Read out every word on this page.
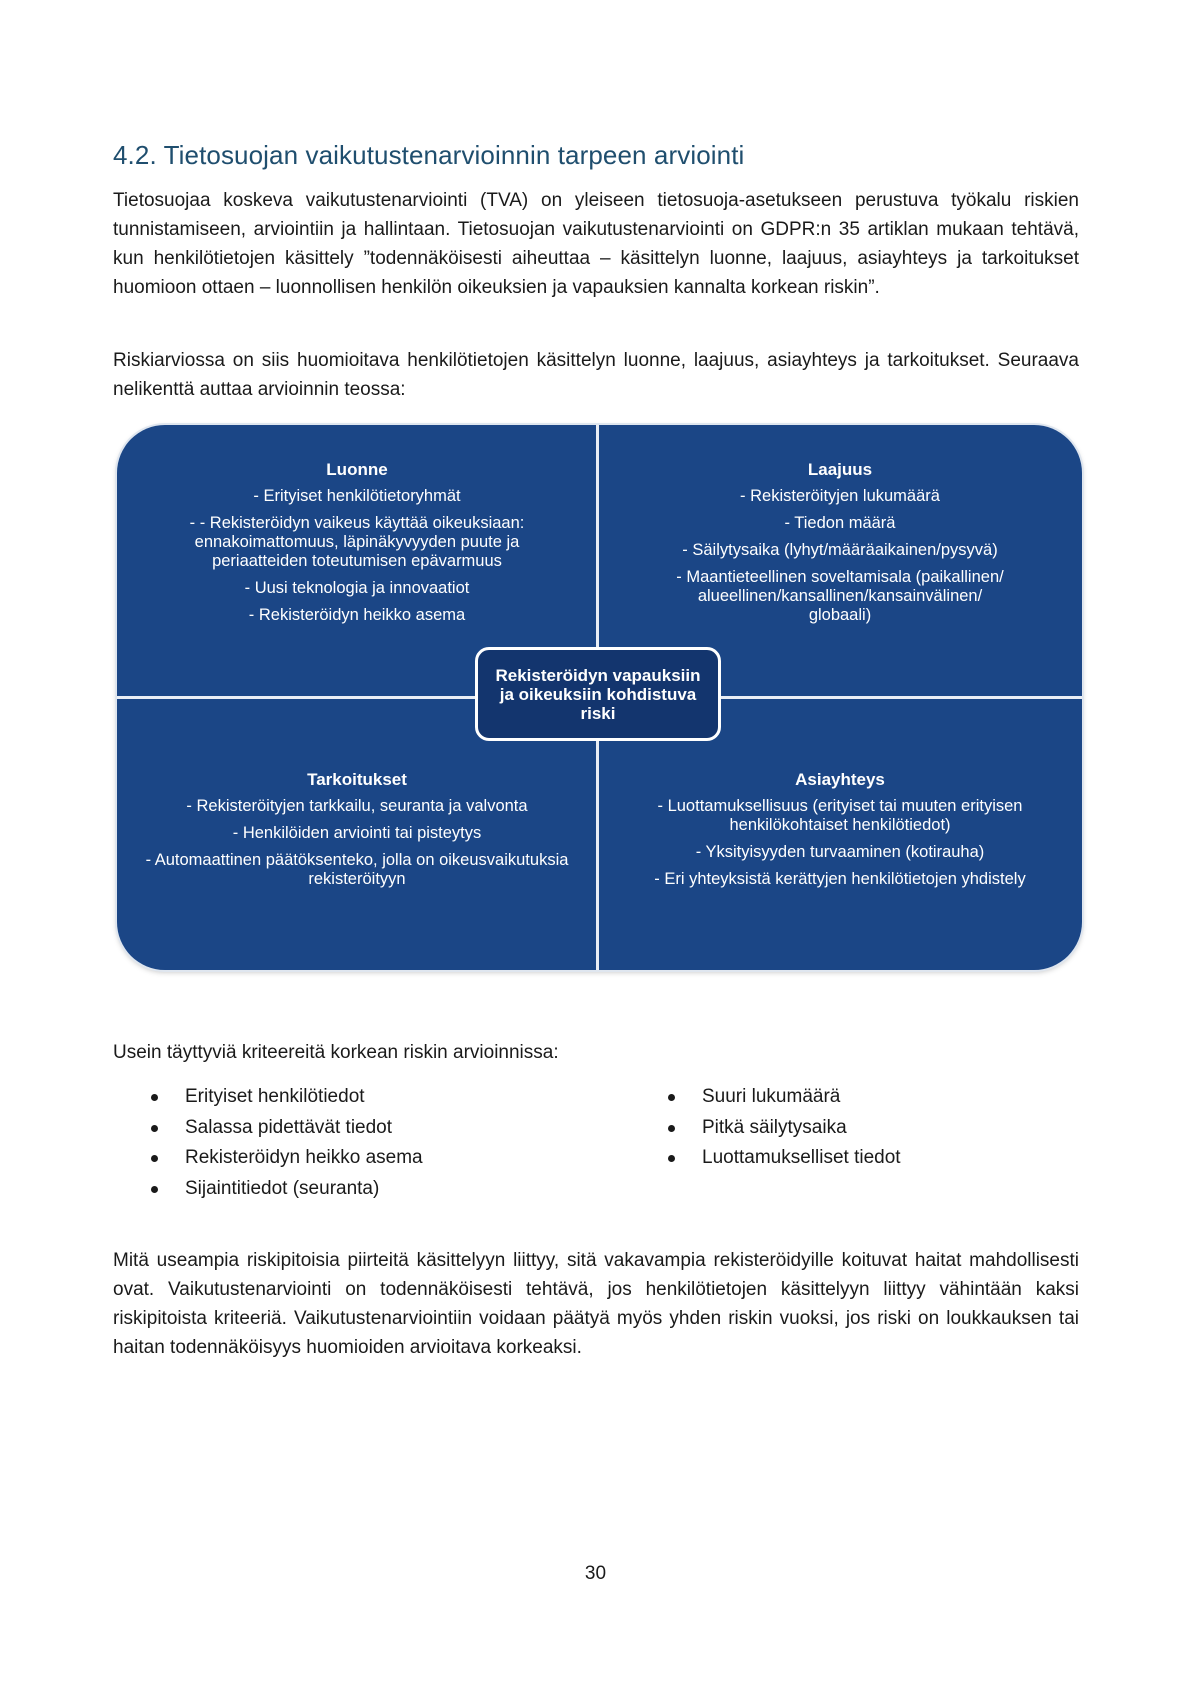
4.2. Tietosuojan vaikutustenarvioinnin tarpeen arviointi

Tietosuojaa koskeva vaikutustenarviointi (TVA) on yleiseen tietosuoja-asetukseen perustuva työkalu riskien tunnistamiseen, arviointiin ja hallintaan. Tietosuojan vaikutustenarviointi on GDPR:n 35 artiklan mukaan tehtävä, kun henkilötietojen käsittely ”todennäköisesti aiheuttaa – käsittelyn luonne, laajuus, asiayhteys ja tarkoitukset huomioon ottaen – luonnollisen henkilön oikeuksien ja vapauksien kannalta korkean riskin”.

Riskiarviossa on siis huomioitava henkilötietojen käsittelyn luonne, laajuus, asiayhteys ja tarkoitukset. Seuraava nelikenttä auttaa arvioinnin teossa:

Luonne
- Erityiset henkilötietoryhmät
- - Rekisteröidyn vaikeus käyttää oikeuksiaan: ennakoimattomuus, läpinäkyvyyden puute ja periaatteiden toteutumisen epävarmuus
- Uusi teknologia ja innovaatiot
- Rekisteröidyn heikko asema
Laajuus
- Rekisteröityjen lukumäärä
- Tiedon määrä
- Säilytysaika (lyhyt/määräaikainen/pysyvä)
- Maantieteellinen soveltamisala (paikallinen/ alueellinen/kansallinen/kansainvälinen/ globaali)
Rekisteröidyn vapauksiin ja oikeuksiin kohdistuva riski
Tarkoitukset
- Rekisteröityjen tarkkailu, seuranta ja valvonta
- Henkilöiden arviointi tai pisteytys
- Automaattinen päätöksenteko, jolla on oikeusvaikutuksia rekisteröityyn
Asiayhteys
- Luottamuksellisuus (erityiset tai muuten erityisen henkilökohtaiset henkilötiedot)
- Yksityisyyden turvaaminen (kotirauha)
- Eri yhteyksistä kerättyjen henkilötietojen yhdistely

Usein täyttyviä kriteereitä korkean riskin arvioinnissa:

Erityiset henkilötiedot
Salassa pidettävät tiedot
Rekisteröidyn heikko asema
Sijaintitiedot (seuranta)
Suuri lukumäärä
Pitkä säilytysaika
Luottamukselliset tiedot

Mitä useampia riskipitoisia piirteitä käsittelyyn liittyy, sitä vakavampia rekisteröidyille koituvat haitat mahdollisesti ovat. Vaikutustenarviointi on todennäköisesti tehtävä, jos henkilötietojen käsittelyyn liittyy vähintään kaksi riskipitoista kriteeriä. Vaikutustenarviointiin voidaan päätyä myös yhden riskin vuoksi, jos riski on loukkauksen tai haitan todennäköisyys huomioiden arvioitava korkeaksi.

30
